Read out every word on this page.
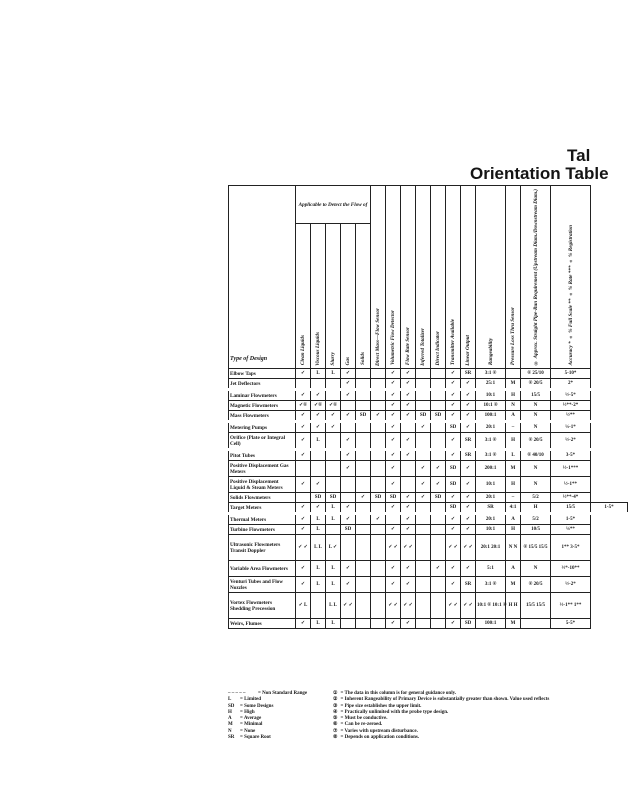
Tal
Orientation Table
Type of Design	Applicable to Detect the Flow of					Direct Mass—Flow Sensor	Volumetric Flow Detector	Flow Rate Sensor	Inferred Totalizer	Direct Indicator	Transmitter Available	Linear Output	Rangeability	Pressure Loss Thru Sensor	® Approx. Straight Pipe-Run Requirement (Upstream Diam./Downstream Diam.)	Accuracy * ± % Full Scale ** ± % Rate *** ± % Registration	
	Clean Liquids	Viscous Liquids	Slurry	Gas	Solids												
Elbow Taps	✓	L	L	✓			✓	✓			✓	SR	3:1 ®		® 25/10	5-10*	
Jet Deflectors				✓			✓	✓			✓	✓	25:1	M	® 20/5	2*	
Laminar Flowmeters	✓	✓		✓			✓	✓			✓	✓	10:1	H	15/5	½-5*	
Magnetic Flowmeters	✓®	✓®	✓®				✓	✓			✓	✓	10:1 ®	N	N	½**-2*	
Mass Flowmeters	✓	✓	✓	✓	SD	✓	✓	✓	SD	SD	✓	✓	100:1	A	N	½**	
Metering Pumps	✓	✓	✓				✓		✓		SD	✓	20:1	–	N	¼-1*	
Orifice (Plate or Integral Cell)	✓	L		✓			✓	✓			✓	SR	3:1 ®	H	® 20/5	½-2*	
Pitot Tubes	✓			✓			✓	✓			✓	SR	3:1 ®	L	® 40/10	3-5*	
Positive Displacement Gas Meters				✓			✓		✓	✓	SD	✓	200:1	M	N	½-1***	
Positive Displacement Liquid & Steam Meters	✓	✓					✓		✓	✓	SD	✓	10:1	H	N	½-1**	
Solids Flowmeters		SD	SD		✓	SD	SD	✓	✓	SD	✓	✓	20:1	–	5/2	½**-4*	
Target Meters	✓	✓	L	✓			✓	✓			SD	✓	SR	4:1	H	15/5	1-5*
Thermal Meters	✓	L	L	✓		✓		✓			✓	✓	20:1	A	5/2	1-5*	
Turbine Flowmeters	✓	L		SD			✓	✓			✓	✓	10:1	H	10/5	¼**	
Ultrasonic Flowmeters Transit Doppler	✓ ✓	L L	L ✓				✓ ✓	✓ ✓			✓ ✓	✓ ✓	20:1 20:1	N N	® 15/5 15/5	1** 3-5*	
Variable Area Flowmeters	✓	L	L	✓			✓	✓		✓	✓	✓	5:1	A	N	½*-10**	
Venturi Tubes and Flow Nozzles	✓	L	L	✓			✓	✓			✓	SR	3:1 ®	M	® 20/5	½-2*	
Vortex Flowmeters Shedding Precession	✓ L		L L	✓ ✓			✓ ✓	✓ ✓			✓ ✓	✓ ✓	10:1 ® 10:1 ®	H H	15/5 15/5	½-1** 1**	
Weirs, Flumes	✓	L	L				✓	✓			✓	SD	100:1	M		5-5*	
– – – – –	= Non Standard Range
L = Limited
SD = Some Designs
H = High
A = Average
M = Minimal
N = None
SR = Square Root
① = The data in this column is for general guidance only.
② = Inherent Rangeability of Primary Device is substantially greater than shown. Value used reflects
③ = Pipe size establishes the upper limit.
④ = Practically unlimited with the probe type design.
⑤ = Must be conductive.
⑥ = Can be re-zeroed.
⑦ = Varies with upstream disturbance.
⑧ = Depends on application conditions.
